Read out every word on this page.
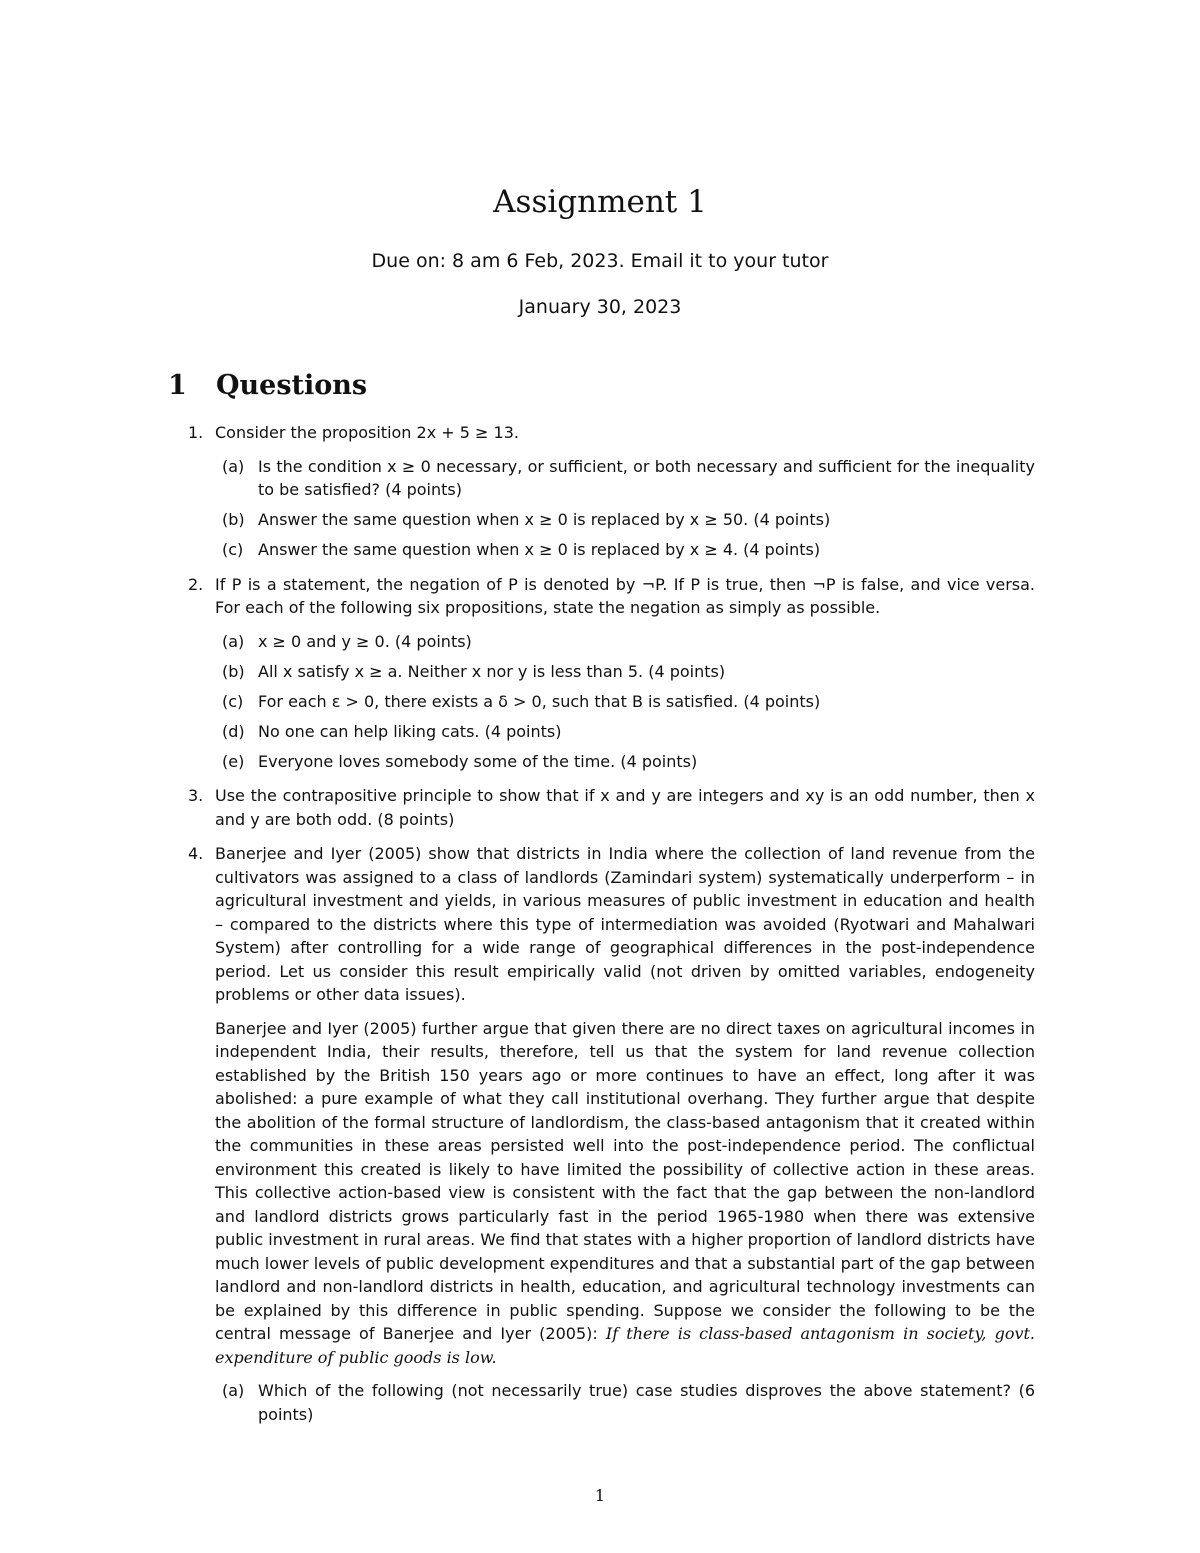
Assignment 1

Due on: 8 am 6 Feb, 2023. Email it to your tutor

January 30, 2023

1 Questions
1. Consider the proposition 2x + 5 ≥ 13.
(a) Is the condition x ≥ 0 necessary, or sufficient, or both necessary and sufficient for the inequality to be satisfied? (4 points)
(b) Answer the same question when x ≥ 0 is replaced by x ≥ 50. (4 points)
(c) Answer the same question when x ≥ 0 is replaced by x ≥ 4. (4 points)
2. If P is a statement, the negation of P is denoted by ¬P. If P is true, then ¬P is false, and vice versa. For each of the following six propositions, state the negation as simply as possible.
(a) x ≥ 0 and y ≥ 0. (4 points)
(b) All x satisfy x ≥ a. Neither x nor y is less than 5. (4 points)
(c) For each ε > 0, there exists a δ > 0, such that B is satisfied. (4 points)
(d) No one can help liking cats. (4 points)
(e) Everyone loves somebody some of the time. (4 points)
3. Use the contrapositive principle to show that if x and y are integers and xy is an odd number, then x and y are both odd. (8 points)
4. Banerjee and Iyer (2005) show that districts in India where the collection of land revenue from the cultivators was assigned to a class of landlords (Zamindari system) systematically underperform – in agricultural investment and yields, in various measures of public investment in education and health – compared to the districts where this type of intermediation was avoided (Ryotwari and Mahalwari System) after controlling for a wide range of geographical differences in the post-independence period. Let us consider this result empirically valid (not driven by omitted variables, endogeneity problems or other data issues).
Banerjee and Iyer (2005) further argue that given there are no direct taxes on agricultural incomes in independent India, their results, therefore, tell us that the system for land revenue collection established by the British 150 years ago or more continues to have an effect, long after it was abolished: a pure example of what they call institutional overhang. They further argue that despite the abolition of the formal structure of landlordism, the class-based antagonism that it created within the communities in these areas persisted well into the post-independence period. The conflictual environment this created is likely to have limited the possibility of collective action in these areas. This collective action-based view is consistent with the fact that the gap between the non-landlord and landlord districts grows particularly fast in the period 1965-1980 when there was extensive public investment in rural areas. We find that states with a higher proportion of landlord districts have much lower levels of public development expenditures and that a substantial part of the gap between landlord and non-landlord districts in health, education, and agricultural technology investments can be explained by this difference in public spending. Suppose we consider the following to be the central message of Banerjee and Iyer (2005): If there is class-based antagonism in society, govt. expenditure of public goods is low.
(a) Which of the following (not necessarily true) case studies disproves the above statement? (6 points)
1
